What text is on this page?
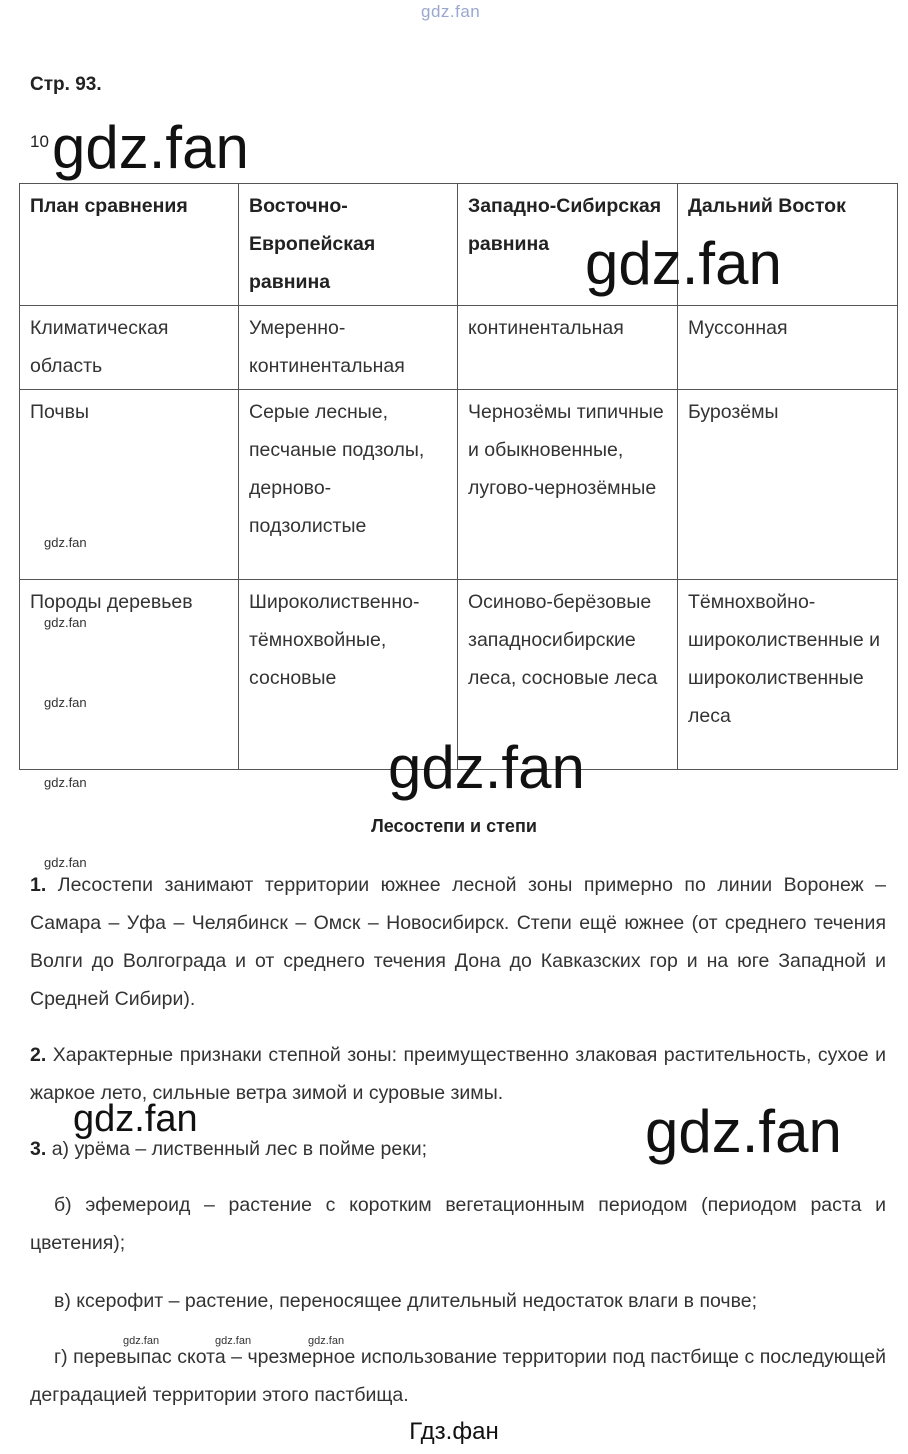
gdz.fan
Стр. 93.
10 gdz.fan
План сравнения	Восточно-Европейская равнина	Западно-Сибирская равнина	Дальний Восток
Климатическая область	Умеренно-континентальная	континентальная	Муссонная
Почвы	Серые лесные, песчаные подзолы, дерново-подзолистые	Чернозёмы типичные и обыкновенные, лугово-чернозёмные	Бурозёмы
Породы деревьев	Широколиственно-тёмнохвойные, сосновые	Осиново-берёзовые западносибирские леса, сосновые леса	Тёмнохвойно-широколиственные и широколиственные леса
gdz.fan
gdz.fan
gdz.fan
gdz.fan
gdz.fan
gdz.fan
Лесостепи и степи
gdz.fan
1. Лесостепи занимают территории южнее лесной зоны примерно по линии Воронеж – Самара – Уфа – Челябинск – Омск – Новосибирск. Степи ещё южнее (от среднего течения Волги до Волгограда и от среднего течения Дона до Кавказских гор и на юге Западной и Средней Сибири).
2. Характерные признаки степной зоны: преимущественно злаковая растительность, сухое и жаркое лето, сильные ветра зимой и суровые зимы.
gdz.fan	gdz.fan
3. а) урёма – лиственный лес в пойме реки;
б) эфемероид – растение с коротким вегетационным периодом (периодом раста и цветения);
в) ксерофит – растение, переносящее длительный недостаток влаги в почве;
gdz.fan	gdz.fan	gdz.fan
г) перевыпас скота – чрезмерное использование территории под пастбище с последующей деградацией территории этого пастбища.
Гдз.фан
